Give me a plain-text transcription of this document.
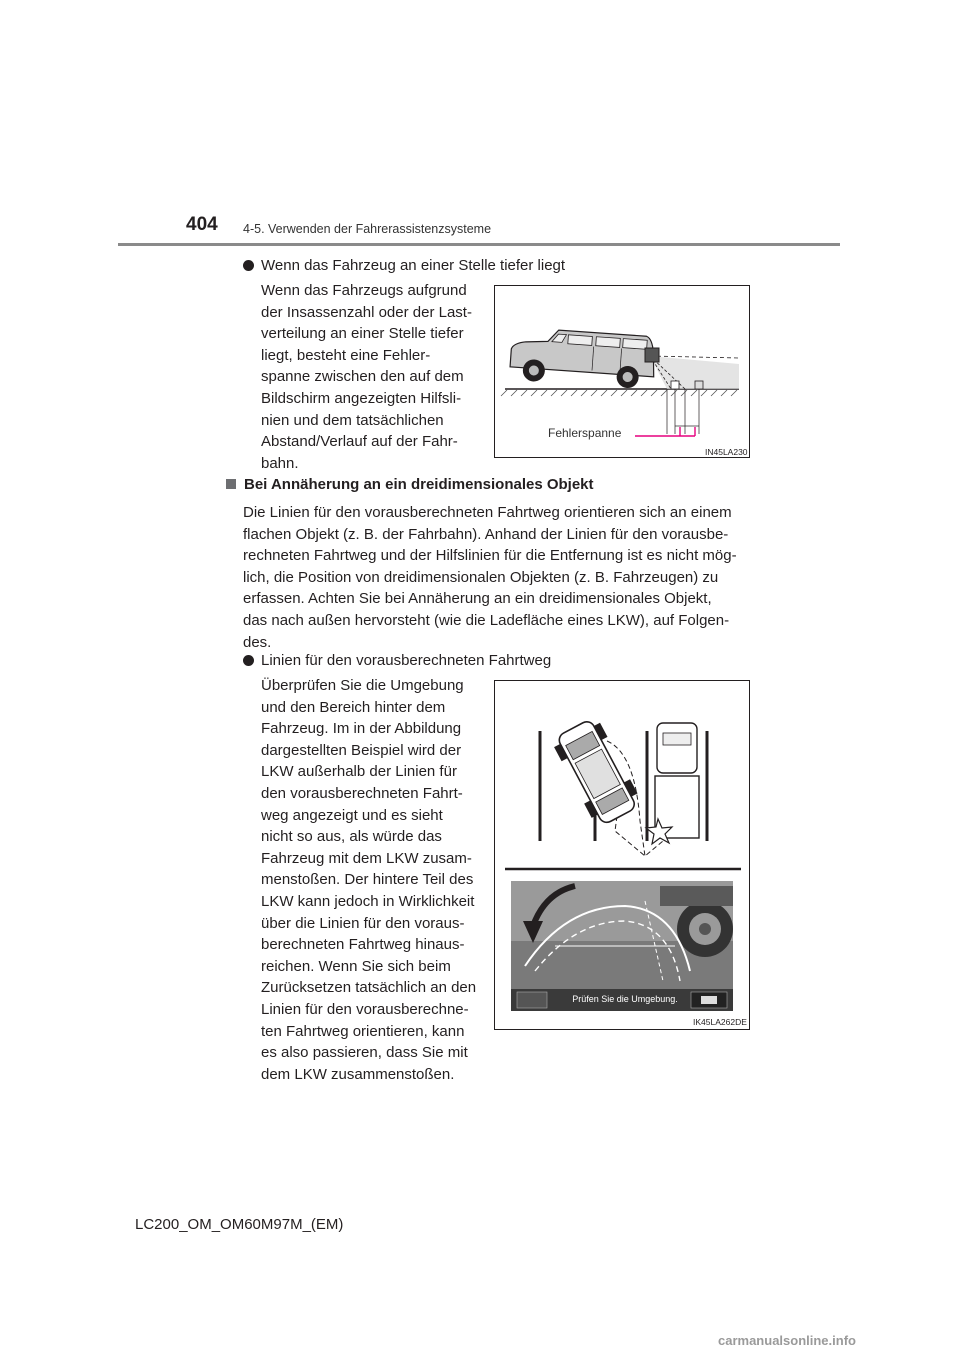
404 4-5. Verwenden der Fahrerassistenzsysteme
Wenn das Fahrzeug an einer Stelle tiefer liegt
Wenn das Fahrzeugs aufgrund
der Insassenzahl oder der Last-
verteilung an einer Stelle tiefer
liegt, besteht eine Fehler-
spanne zwischen den auf dem
Bildschirm angezeigten Hilfsli-
nien und dem tatsächlichen
Abstand/Verlauf auf der Fahr-
bahn.
Fehlerspanne
IN45LA230
Bei Annäherung an ein dreidimensionales Objekt
Die Linien für den vorausberechneten Fahrtweg orientieren sich an einem
flachen Objekt (z. B. der Fahrbahn). Anhand der Linien für den vorausbe-
rechneten Fahrtweg und der Hilfslinien für die Entfernung ist es nicht mög-
lich, die Position von dreidimensionalen Objekten (z. B. Fahrzeugen) zu
erfassen. Achten Sie bei Annäherung an ein dreidimensionales Objekt,
das nach außen hervorsteht (wie die Ladefläche eines LKW), auf Folgen-
des.
Linien für den vorausberechneten Fahrtweg
Überprüfen Sie die Umgebung
und den Bereich hinter dem
Fahrzeug. Im in der Abbildung
dargestellten Beispiel wird der
LKW außerhalb der Linien für
den vorausberechneten Fahrt-
weg angezeigt und es sieht
nicht so aus, als würde das
Fahrzeug mit dem LKW zusam-
menstoßen. Der hintere Teil des
LKW kann jedoch in Wirklichkeit
über die Linien für den voraus-
berechneten Fahrtweg hinaus-
reichen. Wenn Sie sich beim
Zurücksetzen tatsächlich an den
Linien für den vorausberechne-
ten Fahrtweg orientieren, kann
es also passieren, dass Sie mit
dem LKW zusammenstoßen.
Prüfen Sie die Umgebung.
IK45LA262DE
LC200_OM_OM60M97M_(EM)
carmanualsonline.info
